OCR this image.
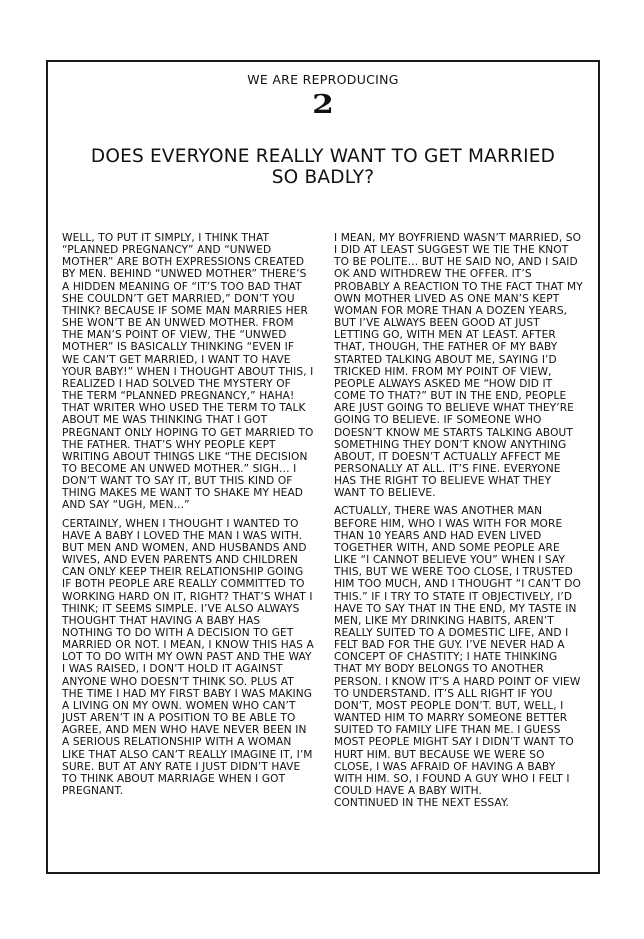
WE ARE REPRODUCING
2
DOES EVERYONE REALLY WANT TO GET MARRIED SO BADLY?

WELL, TO PUT IT SIMPLY, I THINK THAT “PLANNED PREGNANCY” AND “UNWED MOTHER” ARE BOTH EXPRESSIONS CREATED BY MEN. BEHIND “UNWED MOTHER” THERE’S A HIDDEN MEANING OF “IT’S TOO BAD THAT SHE COULDN’T GET MARRIED,” DON’T YOU THINK? BECAUSE IF SOME MAN MARRIES HER SHE WON’T BE AN UNWED MOTHER. FROM THE MAN’S POINT OF VIEW, THE “UNWED MOTHER” IS BASICALLY THINKING “EVEN IF WE CAN’T GET MARRIED, I WANT TO HAVE YOUR BABY!” WHEN I THOUGHT ABOUT THIS, I REALIZED I HAD SOLVED THE MYSTERY OF THE TERM “PLANNED PREGNANCY,” HAHA! THAT WRITER WHO USED THE TERM TO TALK ABOUT ME WAS THINKING THAT I GOT PREGNANT ONLY HOPING TO GET MARRIED TO THE FATHER. THAT’S WHY PEOPLE KEPT WRITING ABOUT THINGS LIKE “THE DECISION TO BECOME AN UNWED MOTHER.” SIGH… I DON’T WANT TO SAY IT, BUT THIS KIND OF THING MAKES ME WANT TO SHAKE MY HEAD AND SAY “UGH, MEN…”

CERTAINLY, WHEN I THOUGHT I WANTED TO HAVE A BABY I LOVED THE MAN I WAS WITH. BUT MEN AND WOMEN, AND HUSBANDS AND WIVES, AND EVEN PARENTS AND CHILDREN CAN ONLY KEEP THEIR RELATIONSHIP GOING IF BOTH PEOPLE ARE REALLY COMMITTED TO WORKING HARD ON IT, RIGHT? THAT’S WHAT I THINK; IT SEEMS SIMPLE. I’VE ALSO ALWAYS THOUGHT THAT HAVING A BABY HAS NOTHING TO DO WITH A DECISION TO GET MARRIED OR NOT. I MEAN, I KNOW THIS HAS A LOT TO DO WITH MY OWN PAST AND THE WAY I WAS RAISED, I DON’T HOLD IT AGAINST ANYONE WHO DOESN’T THINK SO. PLUS AT THE TIME I HAD MY FIRST BABY I WAS MAKING A LIVING ON MY OWN. WOMEN WHO CAN’T JUST AREN’T IN A POSITION TO BE ABLE TO AGREE, AND MEN WHO HAVE NEVER BEEN IN A SERIOUS RELATIONSHIP WITH A WOMAN LIKE THAT ALSO CAN’T REALLY IMAGINE IT, I’M SURE. BUT AT ANY RATE I JUST DIDN’T HAVE TO THINK ABOUT MARRIAGE WHEN I GOT PREGNANT.

I MEAN, MY BOYFRIEND WASN’T MARRIED, SO I DID AT LEAST SUGGEST WE TIE THE KNOT TO BE POLITE… BUT HE SAID NO, AND I SAID OK AND WITHDREW THE OFFER. IT’S PROBABLY A REACTION TO THE FACT THAT MY OWN MOTHER LIVED AS ONE MAN’S KEPT WOMAN FOR MORE THAN A DOZEN YEARS, BUT I’VE ALWAYS BEEN GOOD AT JUST LETTING GO, WITH MEN AT LEAST. AFTER THAT, THOUGH, THE FATHER OF MY BABY STARTED TALKING ABOUT ME, SAYING I’D TRICKED HIM. FROM MY POINT OF VIEW, PEOPLE ALWAYS ASKED ME “HOW DID IT COME TO THAT?” BUT IN THE END, PEOPLE ARE JUST GOING TO BELIEVE WHAT THEY’RE GOING TO BELIEVE. IF SOMEONE WHO DOESN’T KNOW ME STARTS TALKING ABOUT SOMETHING THEY DON’T KNOW ANYTHING ABOUT, IT DOESN’T ACTUALLY AFFECT ME PERSONALLY AT ALL. IT’S FINE. EVERYONE HAS THE RIGHT TO BELIEVE WHAT THEY WANT TO BELIEVE.

ACTUALLY, THERE WAS ANOTHER MAN BEFORE HIM, WHO I WAS WITH FOR MORE THAN 10 YEARS AND HAD EVEN LIVED TOGETHER WITH, AND SOME PEOPLE ARE LIKE “I CANNOT BELIEVE YOU” WHEN I SAY THIS, BUT WE WERE TOO CLOSE, I TRUSTED HIM TOO MUCH, AND I THOUGHT “I CAN’T DO THIS.” IF I TRY TO STATE IT OBJECTIVELY, I’D HAVE TO SAY THAT IN THE END, MY TASTE IN MEN, LIKE MY DRINKING HABITS, AREN’T REALLY SUITED TO A DOMESTIC LIFE, AND I FELT BAD FOR THE GUY. I’VE NEVER HAD A CONCEPT OF CHASTITY; I HATE THINKING THAT MY BODY BELONGS TO ANOTHER PERSON. I KNOW IT’S A HARD POINT OF VIEW TO UNDERSTAND. IT’S ALL RIGHT IF YOU DON’T, MOST PEOPLE DON’T. BUT, WELL, I WANTED HIM TO MARRY SOMEONE BETTER SUITED TO FAMILY LIFE THAN ME. I GUESS MOST PEOPLE MIGHT SAY I DIDN’T WANT TO HURT HIM. BUT BECAUSE WE WERE SO CLOSE, I WAS AFRAID OF HAVING A BABY WITH HIM. SO, I FOUND A GUY WHO I FELT I COULD HAVE A BABY WITH.

CONTINUED IN THE NEXT ESSAY.
